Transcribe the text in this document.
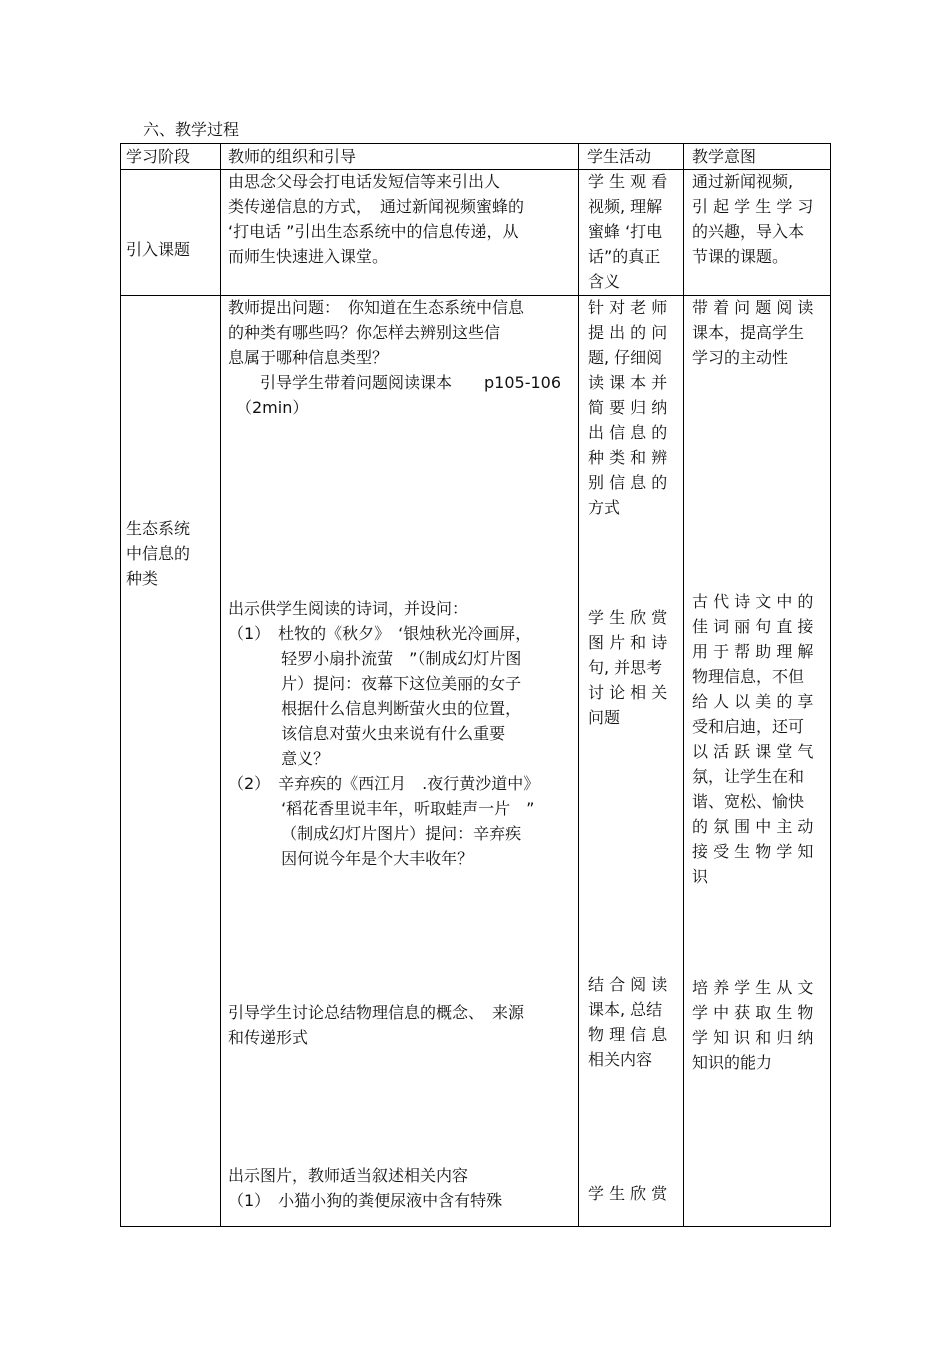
六、教学过程
学习阶段 教师的组织和引导	学生活动	教学意图
引入课题
由思念父母会打电话发短信等来引出人
类传递信息的方式，　通过新闻视频蜜蜂的
‘打电话 ”引出生态系统中的信息传递，从
而师生快速进入课堂。
学 生 观 看
视频, 理解
蜜蜂 ‘打电
话”的真正
含义
通过新闻视频,
引 起 学 生 学 习
的兴趣，导入本
节课的课题。
生态系统
中信息的
种类
教师提出问题：　你知道在生态系统中信息
的种类有哪些吗？你怎样去辨别这些信
息属于哪种信息类型？
　　引导学生带着问题阅读课本　　p105-106
　（2min）
出示供学生阅读的诗词，并设问：
（1）　杜牧的《秋夕》　‘银烛秋光冷画屏，
　　　 轻罗小扇扑流萤　”（制成幻灯片图
　　　 片）提问：夜幕下这位美丽的女子
　　　 根据什么信息判断萤火虫的位置，
　　　 该信息对萤火虫来说有什么重要
　　　 意义？
（2）　辛弃疾的《西江月　.夜行黄沙道中》
　　　 ‘稻花香里说丰年，听取蛙声一片　”
　　　 （制成幻灯片图片）提问：辛弃疾
　　　 因何说今年是个大丰收年？
引导学生讨论总结物理信息的概念、　来源
和传递形式
出示图片，教师适当叙述相关内容
（1）　小猫小狗的粪便尿液中含有特殊
针 对 老 师
提 出 的 问
题, 仔细阅
读 课 本 并
简 要 归 纳
出 信 息 的
种 类 和 辨
别 信 息 的
方式
学 生 欣 赏
图 片 和 诗
句, 并思考
讨 论 相 关
问题
结 合 阅 读
课本, 总结
物 理 信 息
相关内容
学 生 欣 赏
带 着 问 题 阅 读
课本，提高学生
学习的主动性
古 代 诗 文 中 的
佳 词 丽 句 直 接
用 于 帮 助 理 解
物理信息，不但
给 人 以 美 的 享
受和启迪，还可
以 活 跃 课 堂 气
氛，让学生在和
谐、宽松、愉快
的 氛 围 中 主 动
接 受 生 物 学 知
识
培 养 学 生 从 文
学 中 获 取 生 物
学 知 识 和 归 纳
知识的能力
